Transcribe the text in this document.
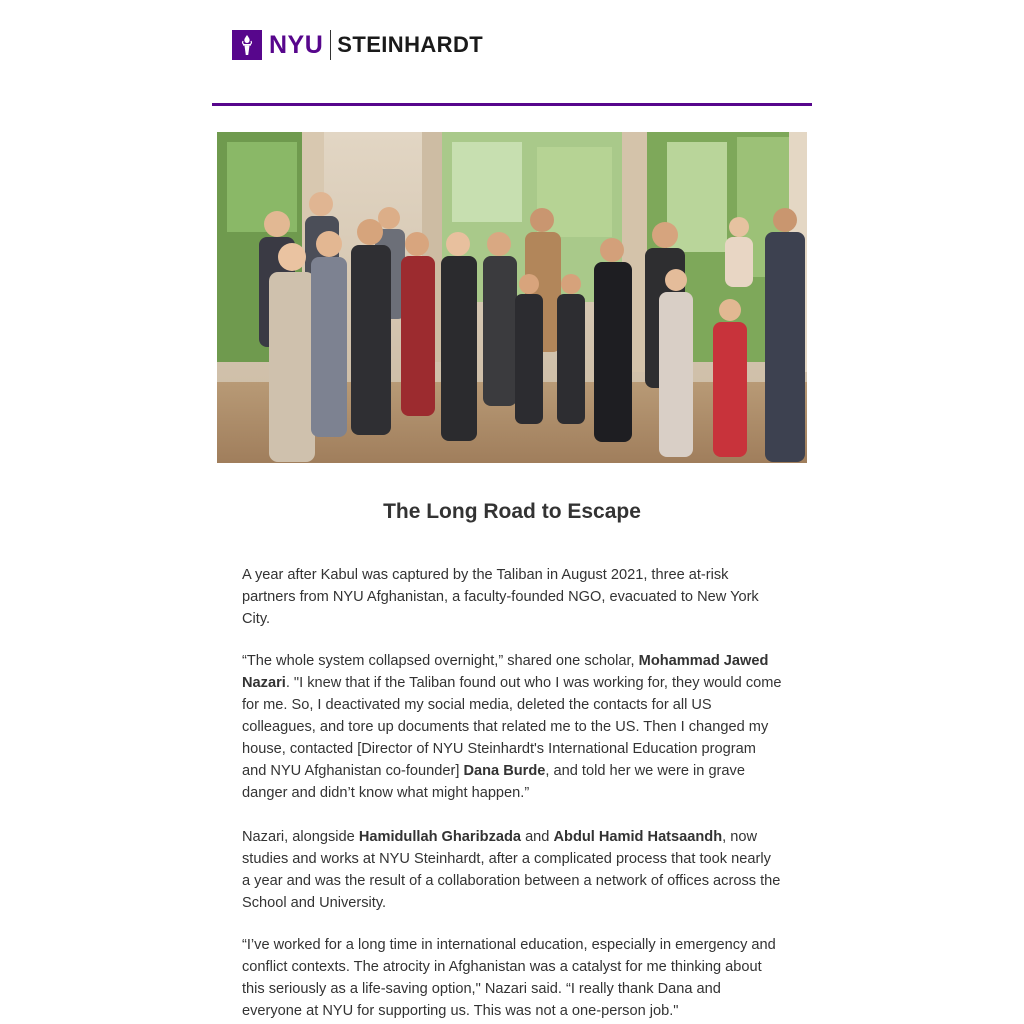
NYU STEINHARDT
The Long Road to Escape

A year after Kabul was captured by the Taliban in August 2021, three at-risk partners from NYU Afghanistan, a faculty-founded NGO, evacuated to New York City.

“The whole system collapsed overnight,” shared one scholar, Mohammad Jawed Nazari. "I knew that if the Taliban found out who I was working for, they would come for me. So, I deactivated my social media, deleted the contacts for all US colleagues, and tore up documents that related me to the US. Then I changed my house, contacted [Director of NYU Steinhardt's International Education program and NYU Afghanistan co-founder] Dana Burde, and told her we were in grave danger and didn’t know what might happen.”

Nazari, alongside Hamidullah Gharibzada and Abdul Hamid Hatsaandh, now studies and works at NYU Steinhardt, after a complicated process that took nearly a year and was the result of a collaboration between a network of offices across the School and University.

“I’ve worked for a long time in international education, especially in emergency and conflict contexts. The atrocity in Afghanistan was a catalyst for me thinking about this seriously as a life-saving option," Nazari said. “I really thank Dana and everyone at NYU for supporting us. This was not a one-person job."
